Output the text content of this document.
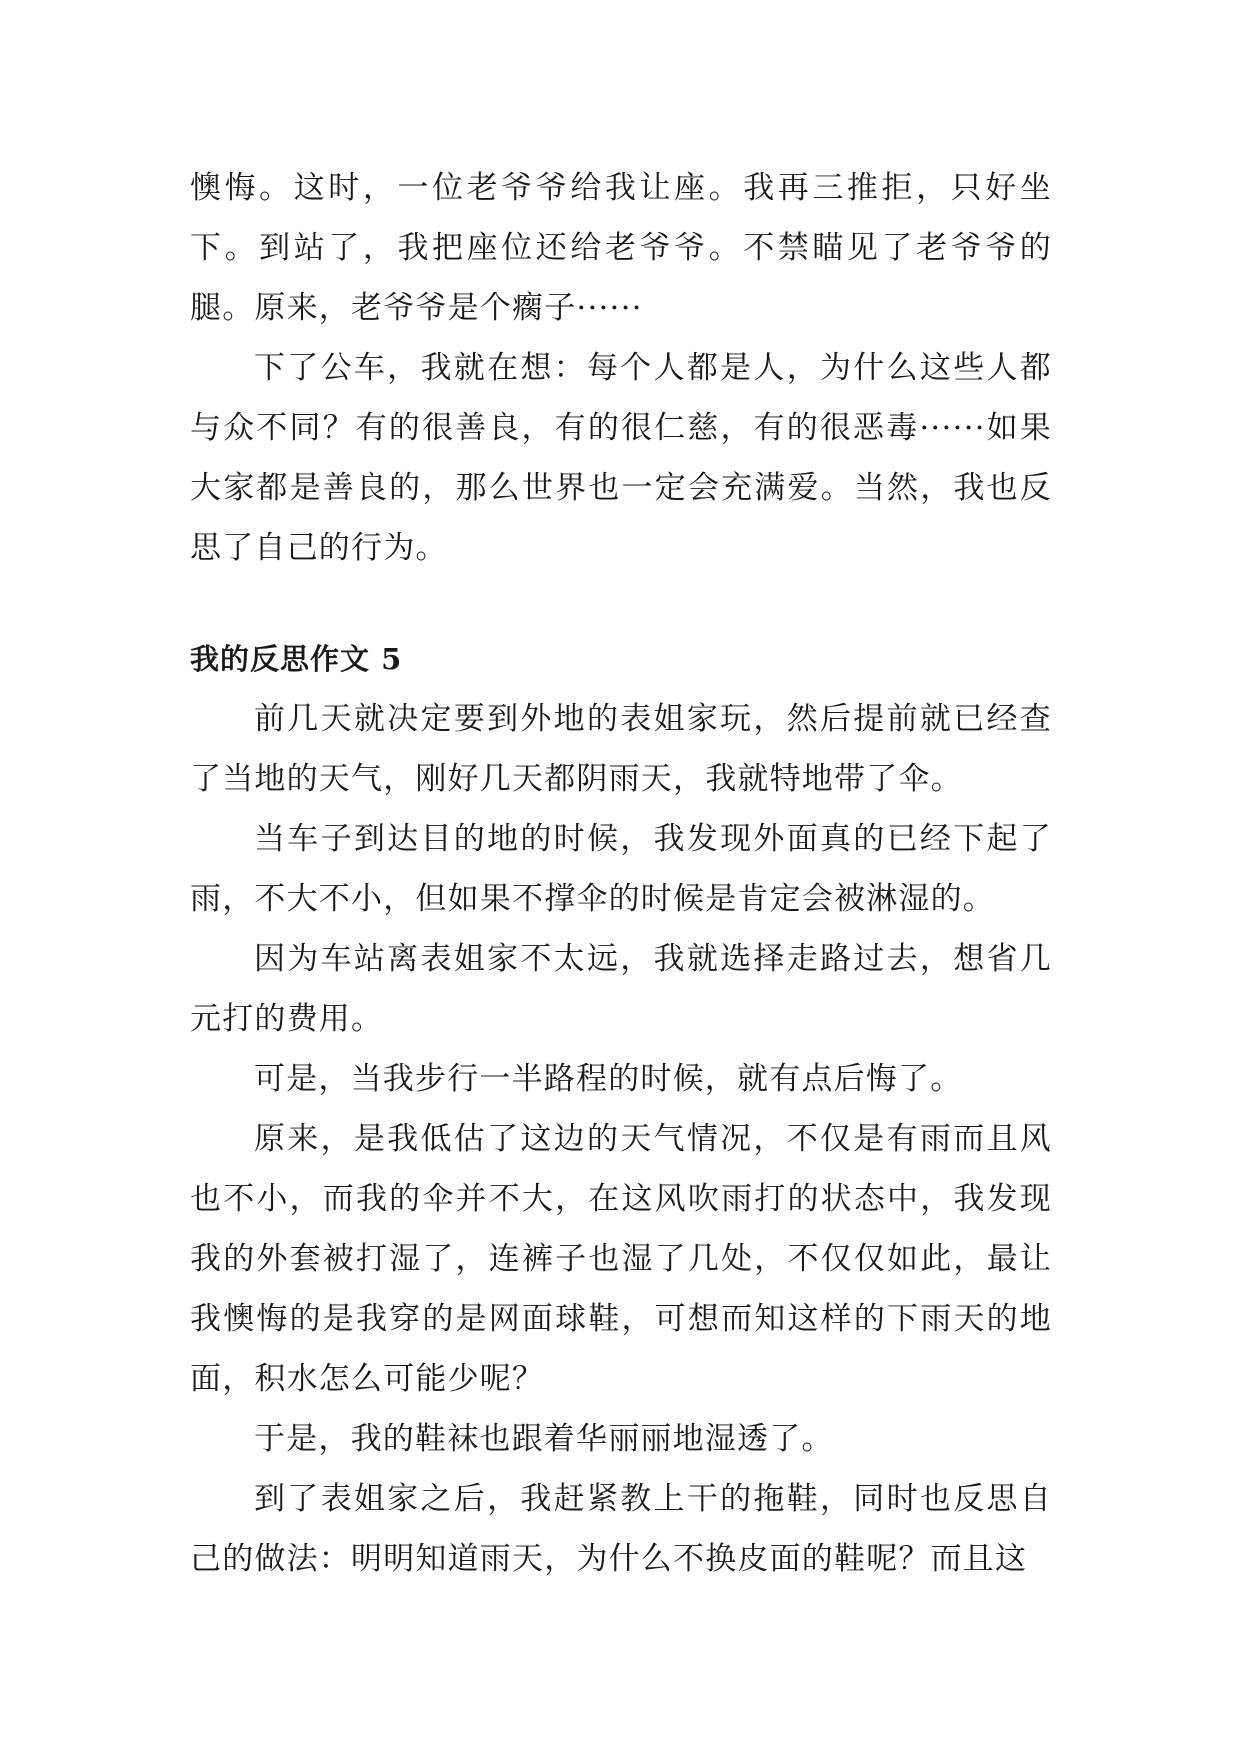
懊悔。这时，一位老爷爷给我让座。我再三推拒，只好坐下。到站了，我把座位还给老爷爷。不禁瞄见了老爷爷的腿。原来，老爷爷是个瘸子······

下了公车，我就在想：每个人都是人，为什么这些人都与众不同？有的很善良，有的很仁慈，有的很恶毒······如果大家都是善良的，那么世界也一定会充满爱。当然，我也反思了自己的行为。

我的反思作文 5

前几天就决定要到外地的表姐家玩，然后提前就已经查了当地的天气，刚好几天都阴雨天，我就特地带了伞。

当车子到达目的地的时候，我发现外面真的已经下起了雨，不大不小，但如果不撑伞的时候是肯定会被淋湿的。

因为车站离表姐家不太远，我就选择走路过去，想省几元打的费用。

可是，当我步行一半路程的时候，就有点后悔了。

原来，是我低估了这边的天气情况，不仅是有雨而且风也不小，而我的伞并不大，在这风吹雨打的状态中，我发现我的外套被打湿了，连裤子也湿了几处，不仅仅如此，最让我懊悔的是我穿的是网面球鞋，可想而知这样的下雨天的地面，积水怎么可能少呢？

于是，我的鞋袜也跟着华丽丽地湿透了。

到了表姐家之后，我赶紧教上干的拖鞋，同时也反思自己的做法：明明知道雨天，为什么不换皮面的鞋呢？而且这
